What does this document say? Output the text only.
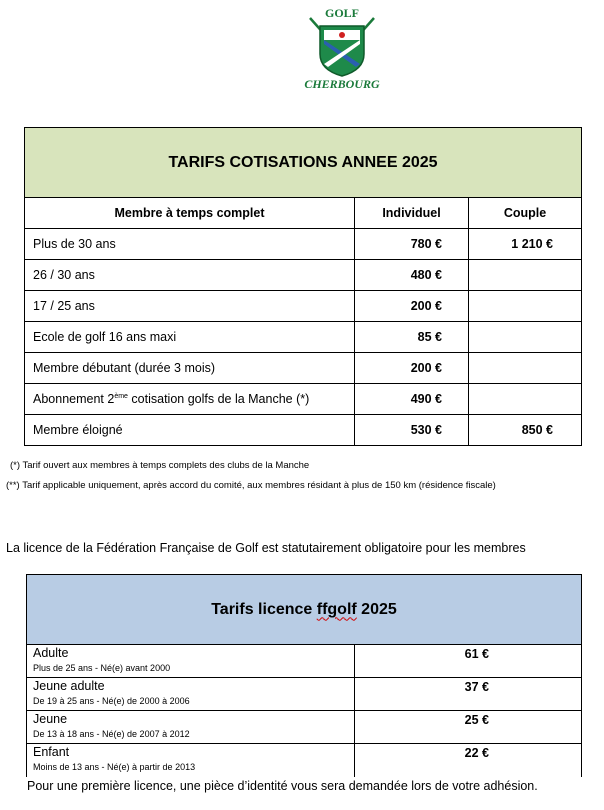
GOLF
CHERBOURG
TARIFS COTISATIONS ANNEE 2025		
Membre à temps complet	Individuel	Couple
Plus de 30 ans	780 €	1 210 €
26 / 30 ans	480 €	
17 / 25 ans	200 €	
Ecole de golf 16 ans maxi	85 €	
Membre débutant (durée 3 mois)	200 €	
Abonnement 2ème cotisation golfs de la Manche (*)	490 €	
Membre éloigné	530 €	850 €
(*) Tarif ouvert aux membres à temps complets des clubs de la Manche
(**) Tarif applicable uniquement, après accord du comité, aux membres résidant à plus de 150 km (résidence fiscale)
La licence de la Fédération Française de Golf est statutairement obligatoire pour les membres
Tarifs licence ffgolf 2025	

Adulte
Plus de 25 ans - Né(e) avant 2000	61 €

Jeune adulte
De 19 à 25 ans - Né(e) de 2000 à 2006	37 €

Jeune
De 13 à 18 ans - Né(e) de 2007 à 2012	25 €

Enfant
Moins de 13 ans - Né(e) à partir de 2013	22 €
Pour une première licence, une pièce d’identité vous sera demandée lors de votre adhésion.
